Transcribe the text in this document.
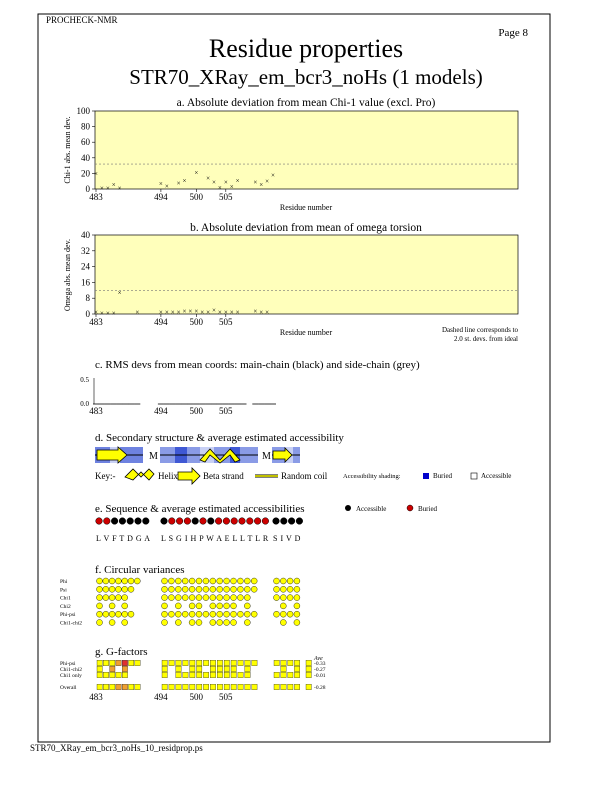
PROCHECK-NMR
Page 8
Residue properties
STR70_XRay_em_bcr3_noHs (1 models)
a. Absolute deviation from mean Chi-1 value (excl. Pro)
100
80
60
40
20
0
483	494 500 505
Residue number
Chi-1 abs. mean dev.	×
× × × ×
× × × ×
×
× ×
×
×
×
× × × ×
×
b. Absolute deviation from mean of omega torsion
40
32
24
16
8
0
483	494 500 505
Residue number
Omega abs. mean dev.
× × × ×
×
×	× × × × × × × × × × × × × × × × ×
Dashed line corresponds to
2.0 st. devs. from ideal
c. RMS devs from mean coords: main-chain (black) and side-chain (grey)
0.5
0.0
483	494 500 505
d. Secondary structure & average estimated accessibility
M	M
Key:-	Helix	Beta strand	Random coil Accessibility shading:	Buried	Accessible
e. Sequence & average estimated accessibilities	Accessible	Buried
L V F T D G A L S G I H P W A E L L T L R S I V D
f. Circular variances
Phi
Psi
Chi1
Chi2
Phi-psi
Chi1-chi2
g. G-factors
Ave
Phi-psi
Chi1-chi2
Chi1 only
Overall
-0.33
-0.27
-0.01
-0.28
483	494 500 505
STR70_XRay_em_bcr3_noHs_10_residprop.ps
